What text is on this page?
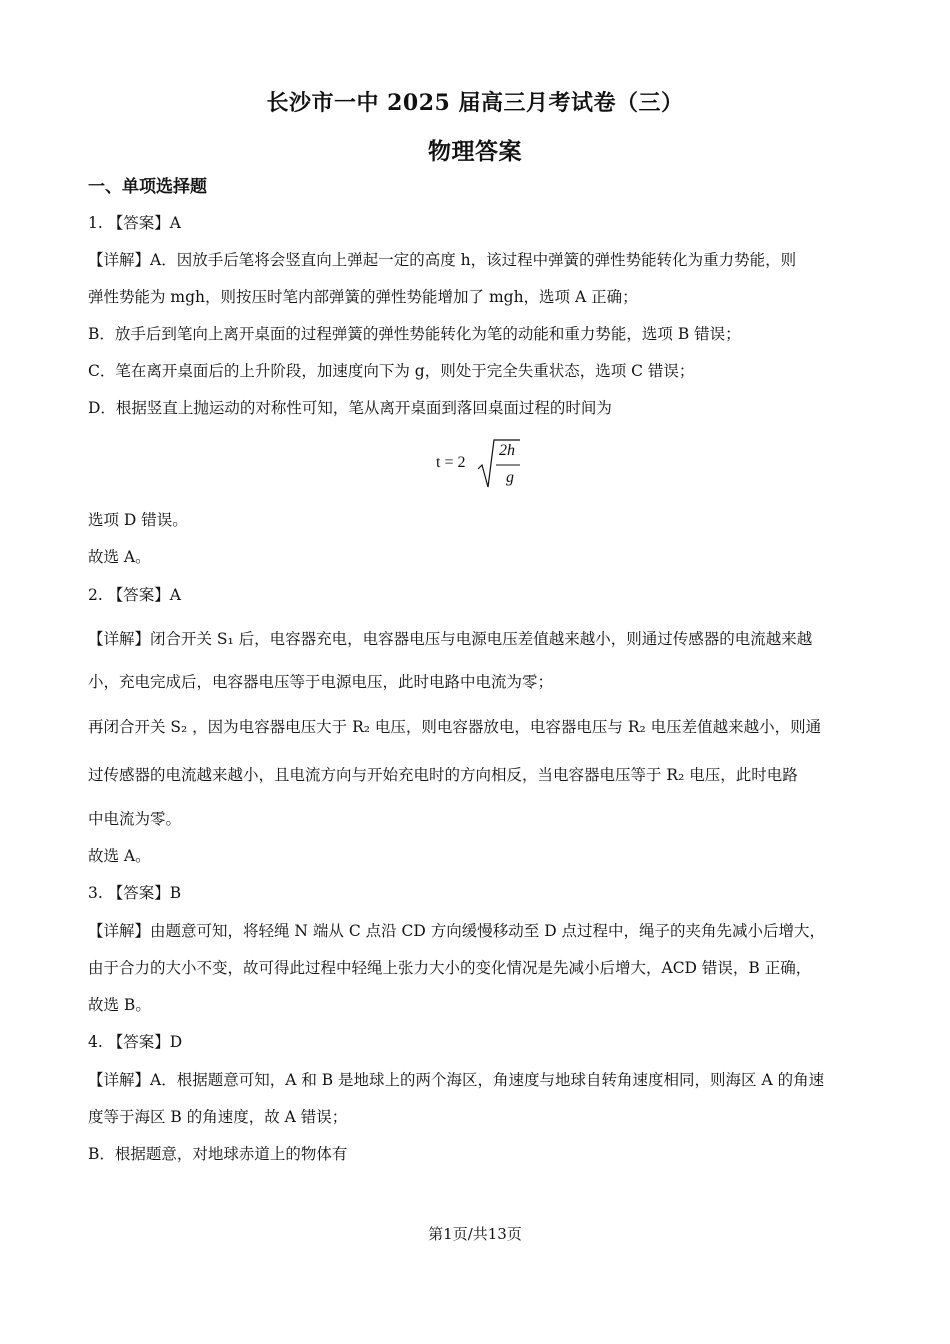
长沙市一中 2025 届高三月考试卷（三）
物理答案
一、单项选择题
1. 【答案】A
【详解】A．因放手后笔将会竖直向上弹起一定的高度 h，该过程中弹簧的弹性势能转化为重力势能，则
弹性势能为 mgh，则按压时笔内部弹簧的弹性势能增加了 mgh，选项 A 正确；
B．放手后到笔向上离开桌面的过程弹簧的弹性势能转化为笔的动能和重力势能，选项 B 错误；
C．笔在离开桌面后的上升阶段，加速度向下为 g，则处于完全失重状态，选项 C 错误；
D．根据竖直上抛运动的对称性可知，笔从离开桌面到落回桌面过程的时间为
t = 2
2h
g
选项 D 错误。
故选 A。
2. 【答案】A
【详解】闭合开关 S₁ 后，电容器充电，电容器电压与电源电压差值越来越小，则通过传感器的电流越来越
小，充电完成后，电容器电压等于电源电压，此时电路中电流为零；
再闭合开关 S₂ ，因为电容器电压大于 R₂ 电压，则电容器放电，电容器电压与 R₂ 电压差值越来越小，则通
过传感器的电流越来越小，且电流方向与开始充电时的方向相反，当电容器电压等于 R₂ 电压，此时电路
中电流为零。
故选 A。
3. 【答案】B
【详解】由题意可知，将轻绳 N 端从 C 点沿 CD 方向缓慢移动至 D 点过程中，绳子的夹角先减小后增大，
由于合力的大小不变，故可得此过程中轻绳上张力大小的变化情况是先减小后增大，ACD 错误，B 正确，
故选 B。
4. 【答案】D
【详解】A．根据题意可知，A 和 B 是地球上的两个海区，角速度与地球自转角速度相同，则海区 A 的角速
度等于海区 B 的角速度，故 A 错误；
B．根据题意，对地球赤道上的物体有
第1页/共13页
